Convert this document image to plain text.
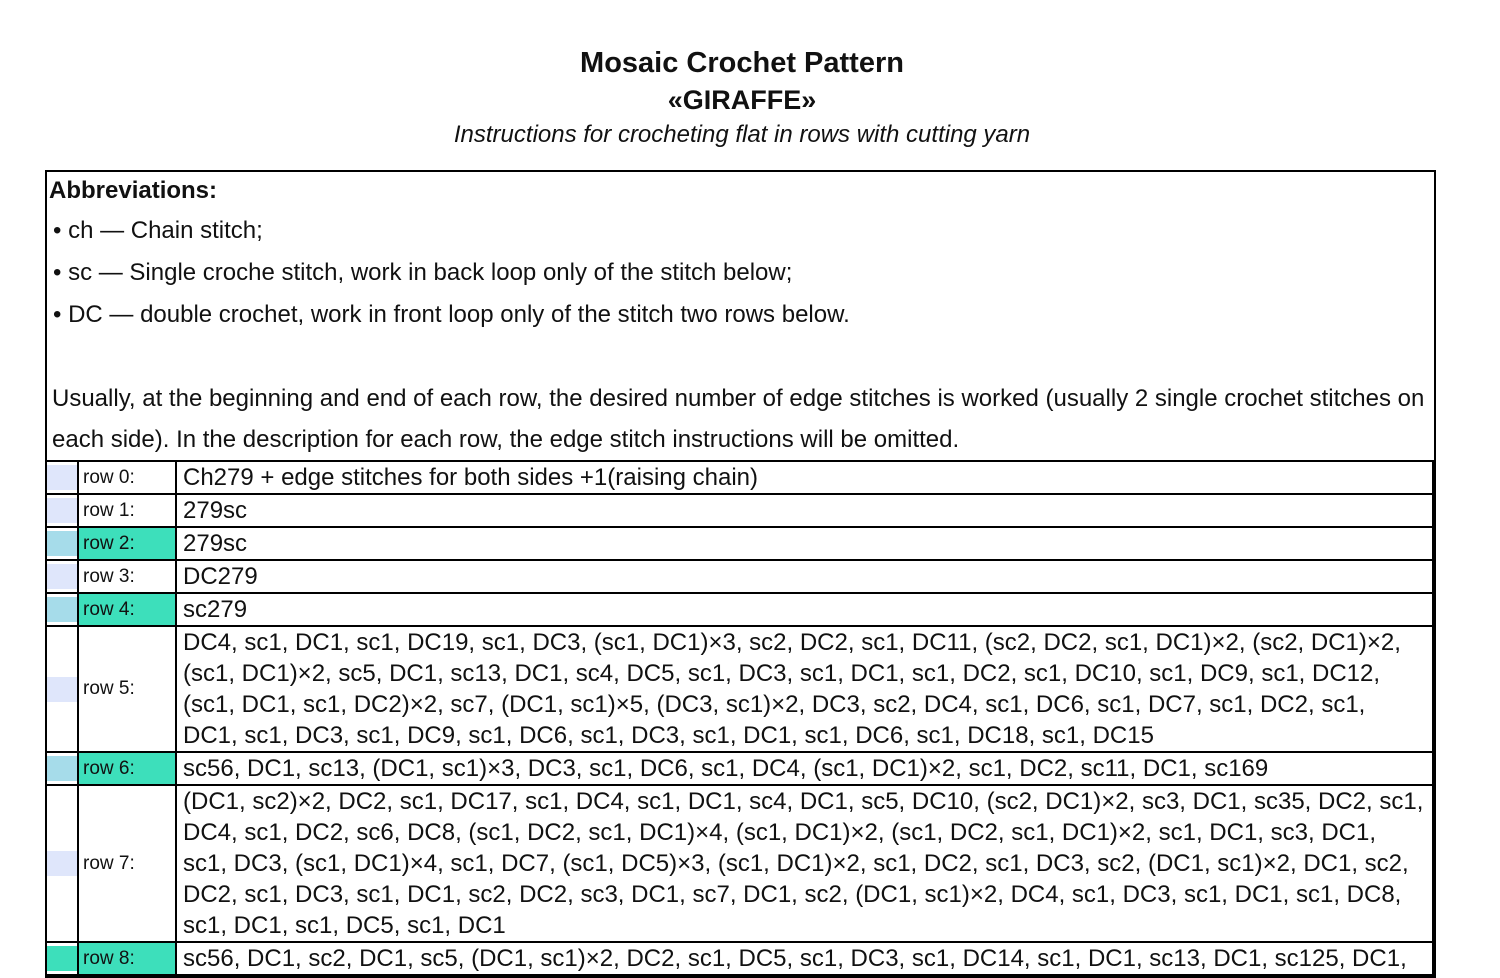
Mosaic Crochet Pattern
«GIRAFFE»
Instructions for crocheting flat in rows with cutting yarn
Abbreviations:
• ch — Chain stitch;
• sc — Single croche stitch, work in back loop only of the stitch below;
• DC — double crochet, work in front loop only of the stitch two rows below.
Usually, at the beginning and end of each row, the desired number of edge stitches is worked (usually 2 single crochet stitches on each side). In the description for each row, the edge stitch instructions will be omitted.
	row 0:	Ch279 + edge stitches for both sides +1(raising chain)

	row 1:	279sc

	row 2:	279sc

	row 3:	DC279

	row 4:	sc279

	row 5:	DC4, sc1, DC1, sc1, DC19, sc1, DC3, (sc1, DC1)×3, sc2, DC2, sc1, DC11, (sc2, DC2, sc1, DC1)×2, (sc2, DC1)×2, (sc1, DC1)×2, sc5, DC1, sc13, DC1, sc4, DC5, sc1, DC3, sc1, DC1, sc1, DC2, sc1, DC10, sc1, DC9, sc1, DC12, (sc1, DC1, sc1, DC2)×2, sc7, (DC1, sc1)×5, (DC3, sc1)×2, DC3, sc2, DC4, sc1, DC6, sc1, DC7, sc1, DC2, sc1, DC1, sc1, DC3, sc1, DC9, sc1, DC6, sc1, DC3, sc1, DC1, sc1, DC6, sc1, DC18, sc1, DC15

	row 6:	sc56, DC1, sc13, (DC1, sc1)×3, DC3, sc1, DC6, sc1, DC4, (sc1, DC1)×2, sc1, DC2, sc11, DC1, sc169

	row 7:	(DC1, sc2)×2, DC2, sc1, DC17, sc1, DC4, sc1, DC1, sc4, DC1, sc5, DC10, (sc2, DC1)×2, sc3, DC1, sc35, DC2, sc1, DC4, sc1, DC2, sc6, DC8, (sc1, DC2, sc1, DC1)×4, (sc1, DC1)×2, (sc1, DC2, sc1, DC1)×2, sc1, DC1, sc3, DC1, sc1, DC3, (sc1, DC1)×4, sc1, DC7, (sc1, DC5)×3, (sc1, DC1)×2, sc1, DC2, sc1, DC3, sc2, (DC1, sc1)×2, DC1, sc2, DC2, sc1, DC3, sc1, DC1, sc2, DC2, sc3, DC1, sc7, DC1, sc2, (DC1, sc1)×2, DC4, sc1, DC3, sc1, DC1, sc1, DC8, sc1, DC1, sc1, DC5, sc1, DC1

	row 8:	sc56, DC1, sc2, DC1, sc5, (DC1, sc1)×2, DC2, sc1, DC5, sc1, DC3, sc1, DC14, sc1, DC1, sc13, DC1, sc125, DC1,
